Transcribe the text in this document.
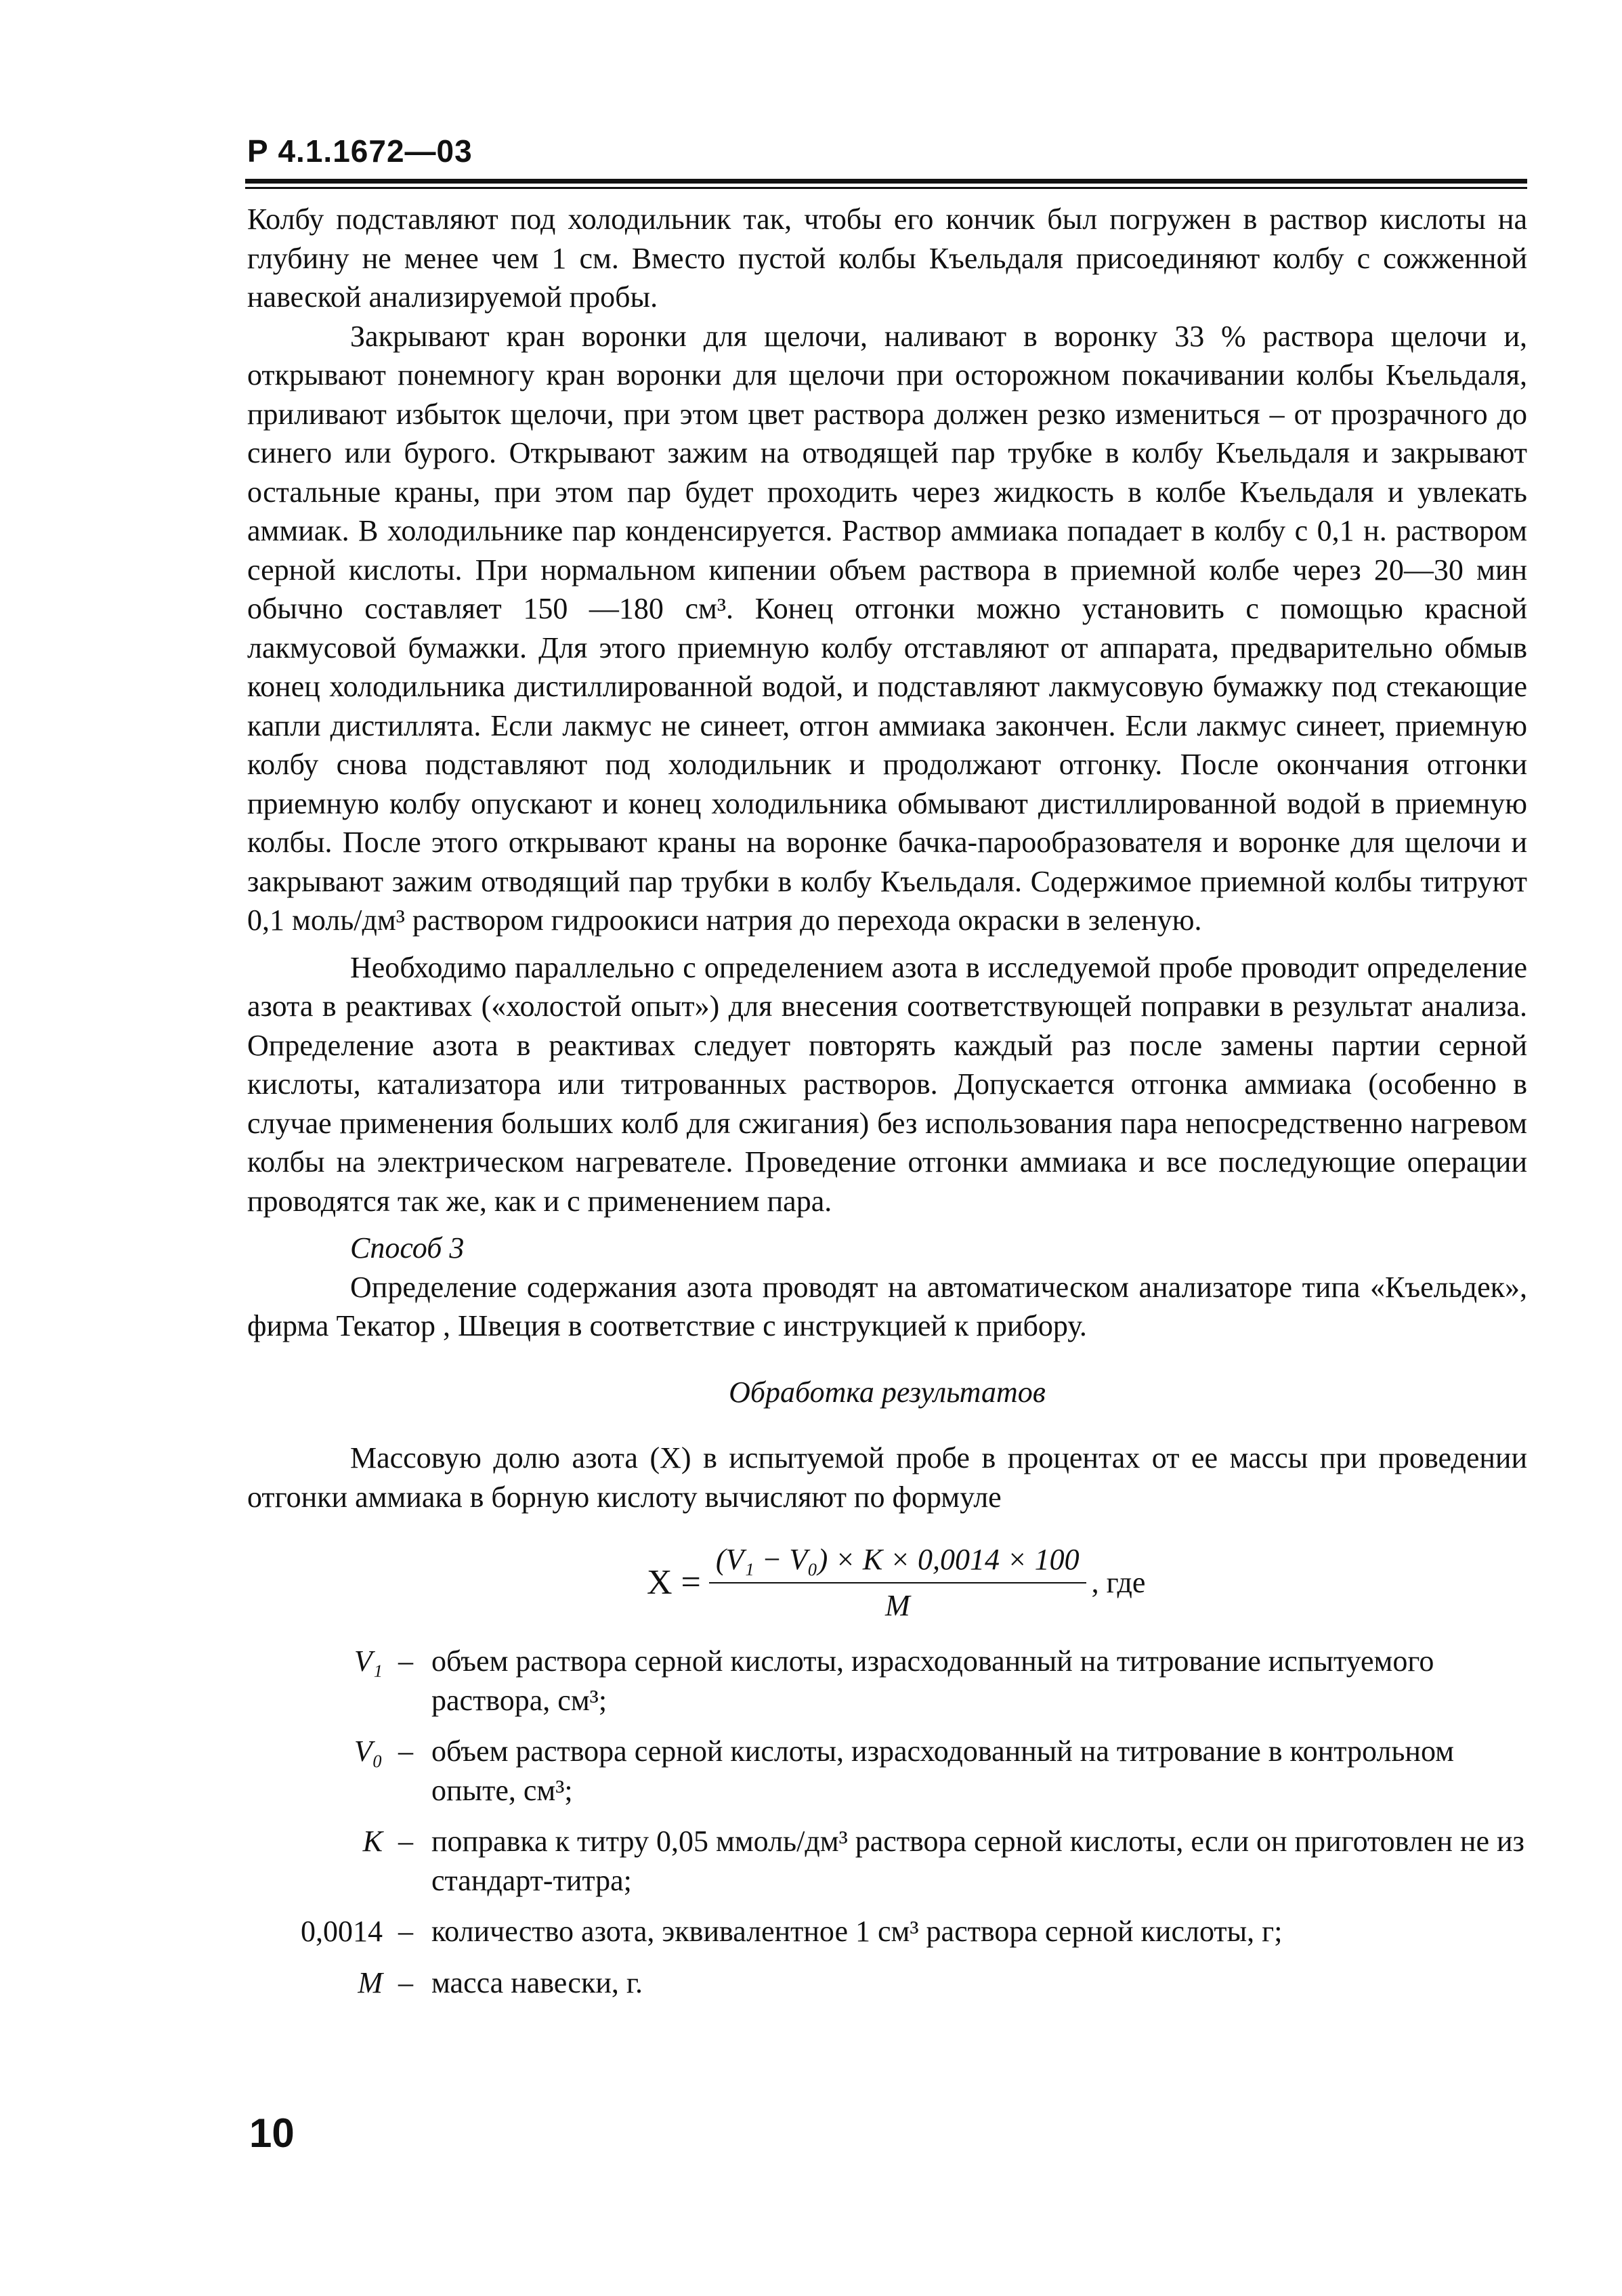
Р 4.1.1672—03

Колбу подставляют под холодильник так, чтобы его кончик был погружен в раствор кислоты на глубину не менее чем 1 см. Вместо пустой колбы Къельдаля присоединяют колбу с сожженной навеской анализируемой пробы.

Закрывают кран воронки для щелочи, наливают в воронку 33 % раствора щелочи и, открывают понемногу кран воронки для щелочи при осторожном покачивании колбы Къельдаля, приливают избыток щелочи, при этом цвет раствора должен резко измениться – от прозрачного до синего или бурого. Открывают зажим на отводящей пар трубке в колбу Къельдаля и закрывают остальные краны, при этом пар будет проходить через жидкость в колбе Къельдаля и увлекать аммиак. В холодильнике пар конденсируется. Раствор аммиака попадает в колбу с 0,1 н. раствором серной кислоты. При нормальном кипении объем раствора в приемной колбе через 20—30 мин обычно составляет 150 —180 см³. Конец отгонки можно установить с помощью красной лакмусовой бумажки. Для этого приемную колбу отставляют от аппарата, предварительно обмыв конец холодильника дистиллированной водой, и подставляют лакмусовую бумажку под стекающие капли дистиллята. Если лакмус не синеет, отгон аммиака закончен. Если лакмус синеет, приемную колбу снова подставляют под холодильник и продолжают отгонку. После окончания отгонки приемную колбу опускают и конец холодильника обмывают дистиллированной водой в приемную колбы. После этого открывают краны на воронке бачка-парообразователя и воронке для щелочи и закрывают зажим отводящий пар трубки в колбу Къельдаля. Содержимое приемной колбы титруют 0,1 моль/дм³ раствором гидроокиси натрия до перехода окраски в зеленую.

Необходимо параллельно с определением азота в исследуемой пробе проводит определение азота в реактивах («холостой опыт») для внесения соответствующей поправки в результат анализа. Определение азота в реактивах следует повторять каждый раз после замены партии серной кислоты, катализатора или титрованных растворов. Допускается отгонка аммиака (особенно в случае применения больших колб для сжигания) без использования пара непосредственно нагревом колбы на электрическом нагревателе. Проведение отгонки аммиака и все последующие операции проводятся так же, как и с применением пара.

Способ 3

Определение содержания азота проводят на автоматическом анализаторе типа «Къельдек», фирма Текатор , Швеция в соответствие с инструкцией к прибору.

Обработка результатов

Массовую долю азота (X) в испытуемой пробе в процентах от ее массы при проведении отгонки аммиака в борную кислоту вычисляют по формуле

$X = \frac{\text{(V₁ − V₀) × K × 0,0014 × 100}}{M}$ , где
V₁ – объем раствора серной кислоты, израсходованный на титрование испытуемого раствора, см³;
V₀ – объем раствора серной кислоты, израсходованный на титрование в контрольном опыте, см³;
K – поправка к титру 0,05 ммоль/дм³ раствора серной кислоты, если он приготовлен не из стандарт-титра;
0,0014 – количество азота, эквивалентное 1 см³ раствора серной кислоты, г;
M – масса навески, г.
10
